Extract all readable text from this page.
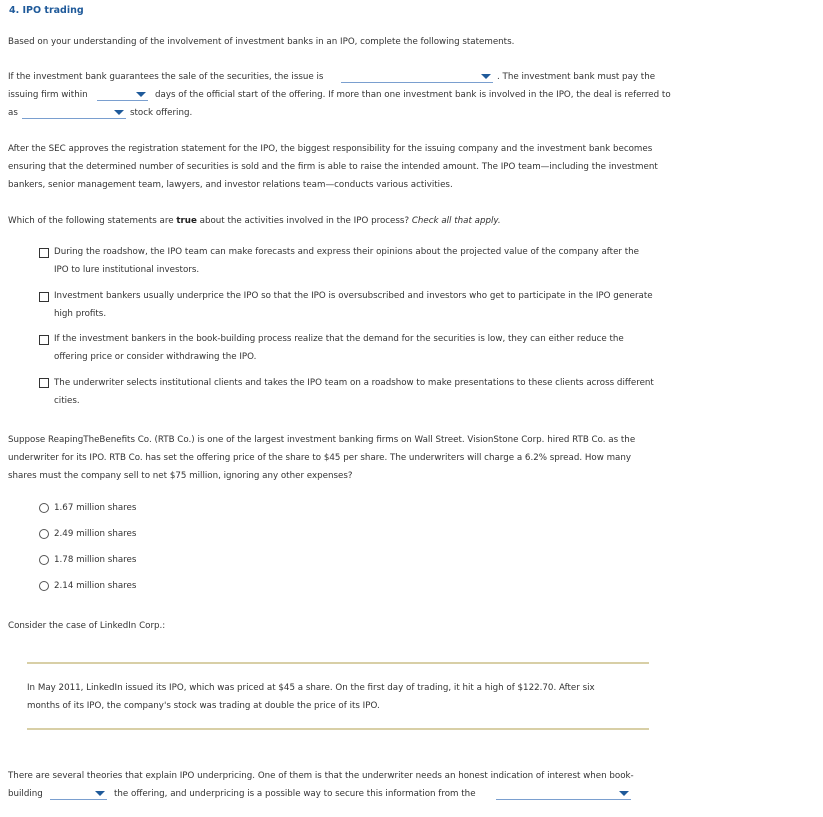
4. IPO trading
Based on your understanding of the involvement of investment banks in an IPO, complete the following statements.
If the investment bank guarantees the sale of the securities, the issue is	. The investment bank must pay the
issuing firm within	days of the official start of the offering. If more than one investment bank is involved in the IPO, the deal is referred to
as	stock offering.
After the SEC approves the registration statement for the IPO, the biggest responsibility for the issuing company and the investment bank becomes
ensuring that the determined number of securities is sold and the firm is able to raise the intended amount. The IPO team—including the investment
bankers, senior management team, lawyers, and investor relations team—conducts various activities.
Which of the following statements are true about the activities involved in the IPO process? Check all that apply.
During the roadshow, the IPO team can make forecasts and express their opinions about the projected value of the company after the
IPO to lure institutional investors.
Investment bankers usually underprice the IPO so that the IPO is oversubscribed and investors who get to participate in the IPO generate
high profits.
If the investment bankers in the book-building process realize that the demand for the securities is low, they can either reduce the
offering price or consider withdrawing the IPO.
The underwriter selects institutional clients and takes the IPO team on a roadshow to make presentations to these clients across different
cities.
Suppose ReapingTheBenefits Co. (RTB Co.) is one of the largest investment banking firms on Wall Street. VisionStone Corp. hired RTB Co. as the
underwriter for its IPO. RTB Co. has set the offering price of the share to $45 per share. The underwriters will charge a 6.2% spread. How many
shares must the company sell to net $75 million, ignoring any other expenses?
1.67 million shares
2.49 million shares
1.78 million shares
2.14 million shares
Consider the case of LinkedIn Corp.:
In May 2011, LinkedIn issued its IPO, which was priced at $45 a share. On the first day of trading, it hit a high of $122.70. After six
months of its IPO, the company's stock was trading at double the price of its IPO.
There are several theories that explain IPO underpricing. One of them is that the underwriter needs an honest indication of interest when book-
building	the offering, and underpricing is a possible way to secure this information from the
